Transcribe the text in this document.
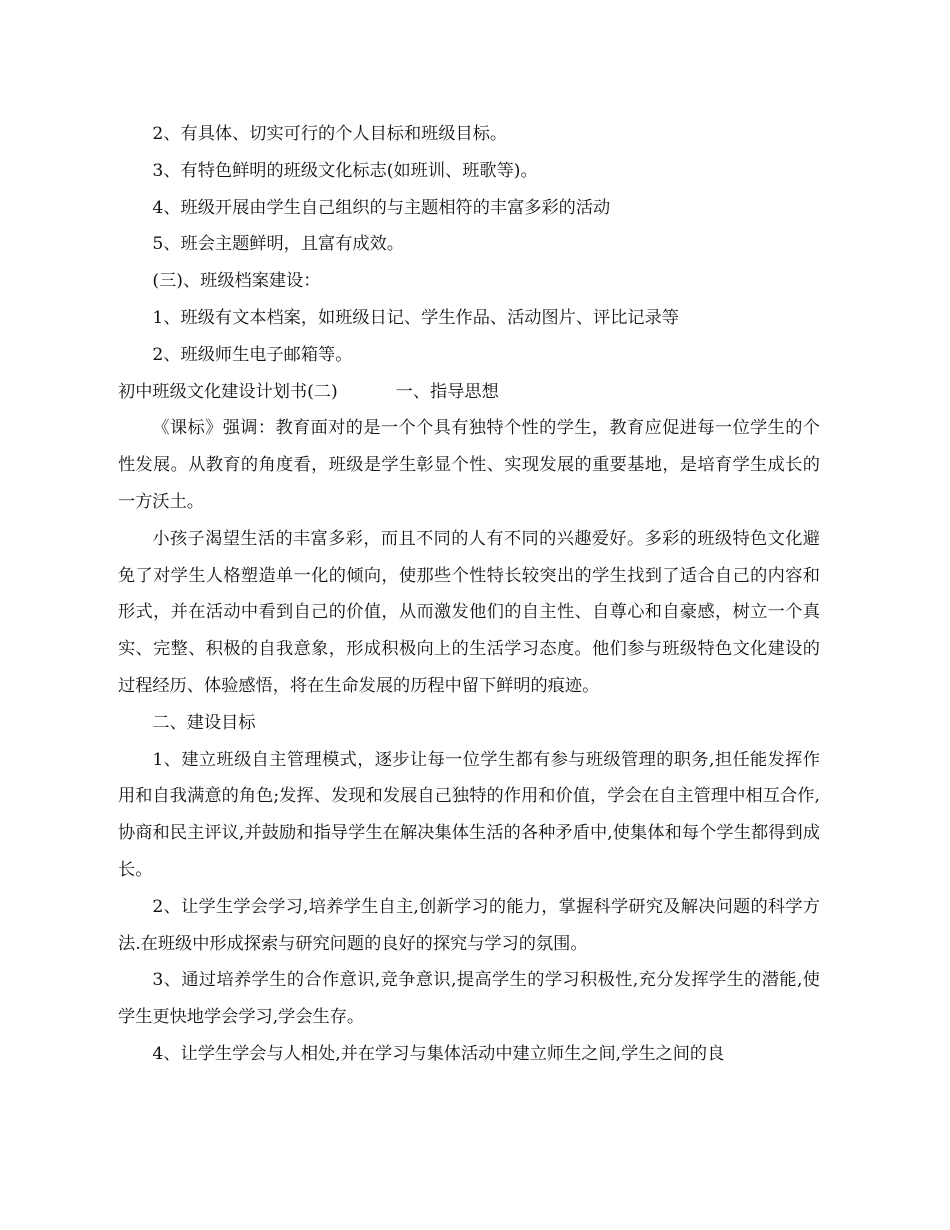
2、有具体、切实可行的个人目标和班级目标。
3、有特色鲜明的班级文化标志(如班训、班歌等)。
4、班级开展由学生自己组织的与主题相符的丰富多彩的活动
5、班会主题鲜明，且富有成效。
(三)、班级档案建设：
1、班级有文本档案，如班级日记、学生作品、活动图片、评比记录等
2、班级师生电子邮箱等。
初中班级文化建设计划书(二)	一、指导思想

《课标》强调：教育面对的是一个个具有独特个性的学生，教育应促进每一位学生的个性发展。从教育的角度看，班级是学生彰显个性、实现发展的重要基地，是培育学生成长的一方沃土。

小孩子渴望生活的丰富多彩，而且不同的人有不同的兴趣爱好。多彩的班级特色文化避免了对学生人格塑造单一化的倾向，使那些个性特长较突出的学生找到了适合自己的内容和形式，并在活动中看到自己的价值，从而激发他们的自主性、自尊心和自豪感，树立一个真实、完整、积极的自我意象，形成积极向上的生活学习态度。他们参与班级特色文化建设的过程经历、体验感悟，将在生命发展的历程中留下鲜明的痕迹。

二、建设目标

1、建立班级自主管理模式，逐步让每一位学生都有参与班级管理的职务,担任能发挥作用和自我满意的角色;发挥、发现和发展自己独特的作用和价值，学会在自主管理中相互合作,协商和民主评议,并鼓励和指导学生在解决集体生活的各种矛盾中,使集体和每个学生都得到成长。

2、让学生学会学习,培养学生自主,创新学习的能力，掌握科学研究及解决问题的科学方法.在班级中形成探索与研究问题的良好的探究与学习的氛围。

3、通过培养学生的合作意识,竞争意识,提高学生的学习积极性,充分发挥学生的潜能,使学生更快地学会学习,学会生存。

4、让学生学会与人相处,并在学习与集体活动中建立师生之间,学生之间的良
